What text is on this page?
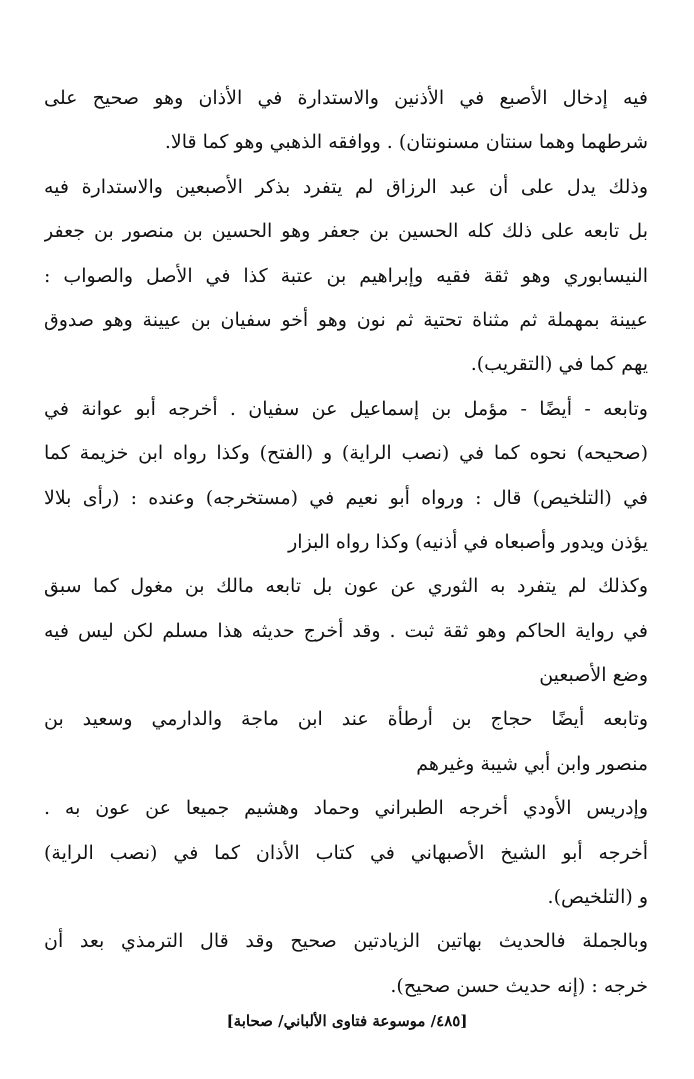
فيه إدخال الأصبع في الأذنين والاستدارة في الأذان وهو صحيح على
شرطهما وهما سنتان مسنونتان) . ووافقه الذهبي وهو كما قالا.
وذلك يدل على أن عبد الرزاق لم يتفرد بذكر الأصبعين والاستدارة فيه
بل تابعه على ذلك كله الحسين بن جعفر وهو الحسين بن منصور بن جعفر
النيسابوري وهو ثقة فقيه وإبراهيم بن عتبة كذا في الأصل والصواب :
عيينة بمهملة ثم مثناة تحتية ثم نون وهو أخو سفيان بن عيينة وهو صدوق
يهم كما في (التقريب).
وتابعه - أيضًا - مؤمل بن إسماعيل عن سفيان . أخرجه أبو عوانة في
(صحيحه) نحوه كما في (نصب الراية) و (الفتح) وكذا رواه ابن خزيمة كما
في (التلخيص) قال : ورواه أبو نعيم في (مستخرجه) وعنده : (رأى بلالا
يؤذن ويدور وأصبعاه في أذنيه) وكذا رواه البزار
وكذلك لم يتفرد به الثوري عن عون بل تابعه مالك بن مغول كما سبق
في رواية الحاكم وهو ثقة ثبت . وقد أخرج حديثه هذا مسلم لكن ليس فيه
وضع الأصبعين
وتابعه أيضًا حجاج بن أرطأة عند ابن ماجة والدارمي وسعيد بن
منصور وابن أبي شيبة وغيرهم
وإدريس الأودي أخرجه الطبراني وحماد وهشيم جميعا عن عون به .
أخرجه أبو الشيخ الأصبهاني في كتاب الأذان كما في (نصب الراية)
و (التلخيص).
وبالجملة فالحديث بهاتين الزيادتين صحيح وقد قال الترمذي بعد أن
خرجه : (إنه حديث حسن صحيح).
[٤٨٥/ موسوعة فتاوى الألباني/ صحابة]
